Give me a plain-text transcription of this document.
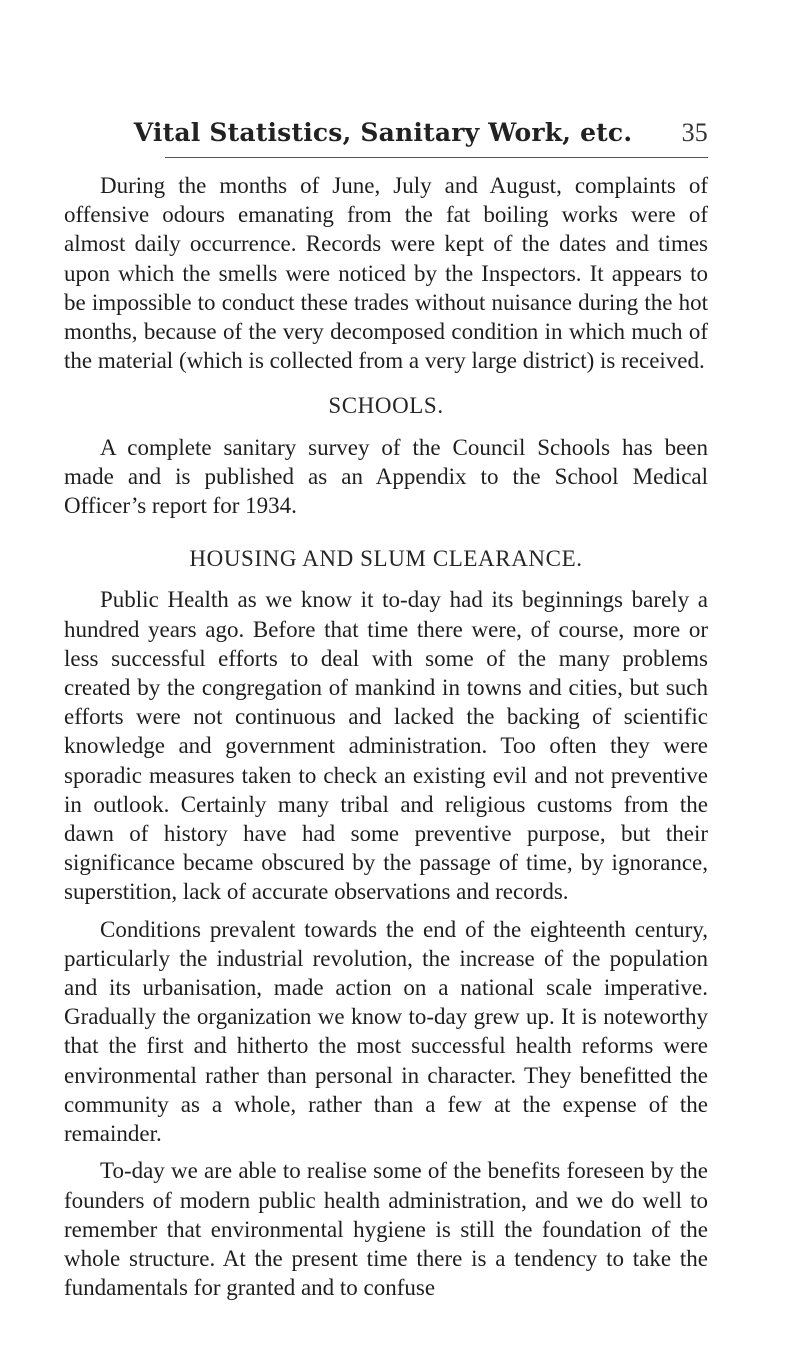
Vital Statistics, Sanitary Work, etc.	35

During the months of June, July and August, complaints of offensive odours emanating from the fat boiling works were of almost daily occurrence. Records were kept of the dates and times upon which the smells were noticed by the Inspectors. It appears to be impossible to conduct these trades without nuisance during the hot months, because of the very decomposed condition in which much of the material (which is collected from a very large district) is received.

SCHOOLS.

A complete sanitary survey of the Council Schools has been made and is published as an Appendix to the School Medical Officer’s report for 1934.

HOUSING AND SLUM CLEARANCE.

Public Health as we know it to-day had its beginnings barely a hundred years ago. Before that time there were, of course, more or less successful efforts to deal with some of the many problems created by the congregation of mankind in towns and cities, but such efforts were not continuous and lacked the backing of scientific knowledge and government administration. Too often they were sporadic measures taken to check an existing evil and not preventive in outlook. Certainly many tribal and religious customs from the dawn of history have had some preventive purpose, but their significance became obscured by the passage of time, by ignorance, superstition, lack of accurate observations and records.

Conditions prevalent towards the end of the eighteenth century, particularly the industrial revolution, the increase of the population and its urbanisation, made action on a national scale imperative. Gradually the organization we know to-day grew up. It is noteworthy that the first and hitherto the most successful health reforms were environmental rather than personal in character. They benefitted the community as a whole, rather than a few at the expense of the remainder.

To-day we are able to realise some of the benefits foreseen by the founders of modern public health administration, and we do well to remember that environmental hygiene is still the foundation of the whole structure. At the present time there is a tendency to take the fundamentals for granted and to confuse
